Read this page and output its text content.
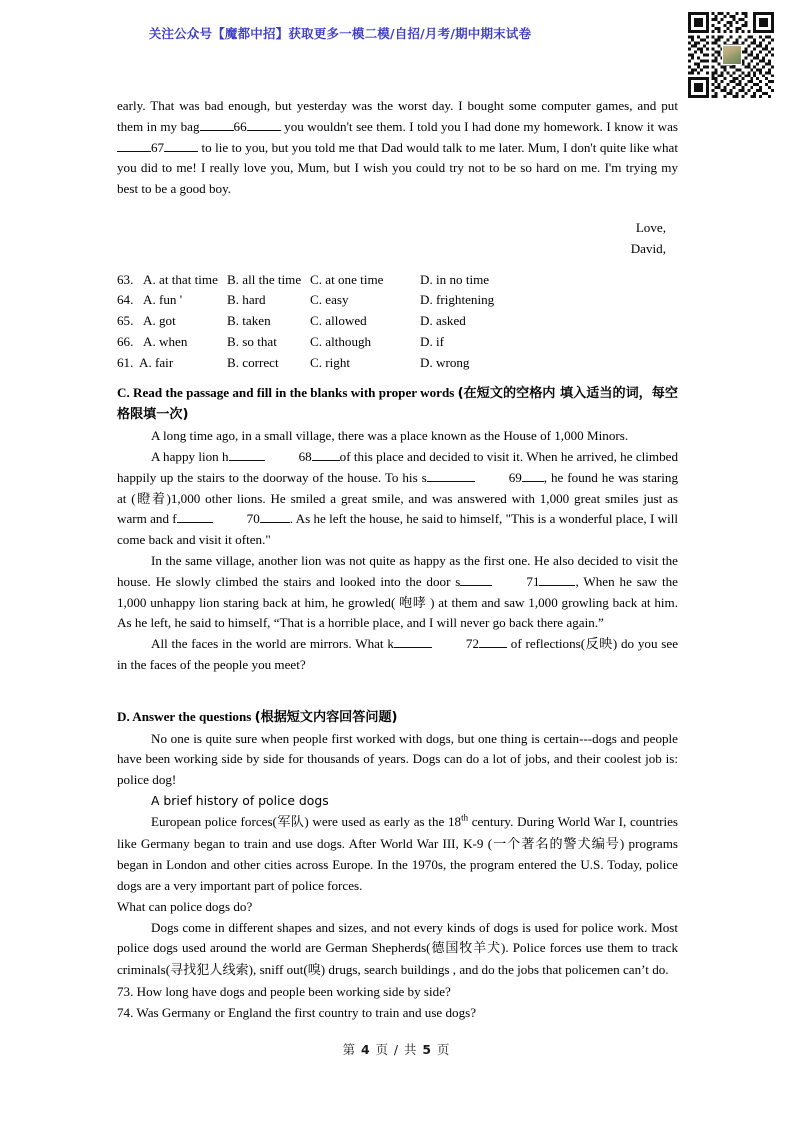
关注公众号【魔都中招】获取更多一模二模/自招/月考/期中期末试卷

early. That was bad enough, but yesterday was the worst day. I bought some computer games, and put them in my bag	66	you wouldn't see them. I told you I had done my homework. I know it was67	to lie to you, but you told me that Dad would talk to me later. Mum, I don't quite like what you did to me! I really love you, Mum, but I wish you could try not to be so hard on me. I'm trying my best to be a good boy.

Love,
David,
63. A. at that time B. all the time C. at one time	D. in no time
64. A. fun '	B. hard	C. easy	D. frightening
65. A. got	B. taken	C. allowed	D. asked
66. A. when	B. so that	C. although	D. if
61. A. fair	B. correct C. right	D. wrong
C. Read the passage and fill in the blanks with proper words (在短文的空格内 填入适当的词，每空格限填一次)

A long time ago, in a small village, there was a place known as the House of 1,000 Minors.

A happy lion h	68 of this place and decided to visit it. When he arrived, he climbed happily up the stairs to the doorway of the house. To his s	69 , he found he was staring at (瞪着)1,000 other lions. He smiled a great smile, and was answered with 1,000 great smiles just as warm and f	70 . As he left the house, he said to himself, "This is a wonderful place, I will come back and visit it often."

In the same village, another lion was not quite as happy as the first one. He also decided to visit the house. He slowly climbed the stairs and looked into the door s	71	, When he saw the 1,000 unhappy lion staring back at him, he growled( 咆哮 ) at them and saw 1,000 growling back at him. As he left, he said to himself, “That is a horrible place, and I will never go back there again.”

All the faces in the world are mirrors. What k	72 of reflections(反映) do you see in the faces of the people you meet?

D. Answer the questions (根据短文内容回答问题)

No one is quite sure when people first worked with dogs, but one thing is certain---dogs and people have been working side by side for thousands of years. Dogs can do a lot of jobs, and their coolest job is: police dog!

A brief history of police dogs

European police forces(军队) were used as early as the 18th century. During World War I, countries like Germany began to train and use dogs. After World War III, K-9 (一个著名的警犬编号) programs began in London and other cities across Europe. In the 1970s, the program entered the U.S. Today, police dogs are a very important part of police forces.

What can police dogs do?

Dogs come in different shapes and sizes, and not every kinds of dogs is used for police work. Most police dogs used around the world are German Shepherds(德国牧羊犬). Police forces use them to track criminals(寻找犯人线索), sniff out(嗅) drugs, search buildings , and do the jobs that policemen can’t do.

73. How long have dogs and people been working side by side?

74. Was Germany or England the first country to train and use dogs?

第 4 页 / 共 5 页
